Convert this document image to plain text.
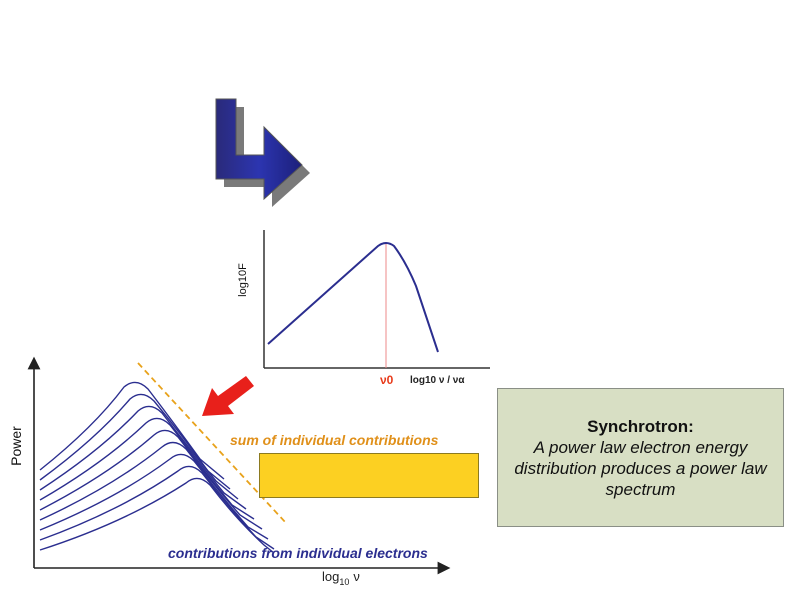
log10F
ν0 log10 ν / να
sum of individual contributions
contributions from individual electrons
$\log_{10} \nu$
Power
Synchrotron:
A power law electron energy distribution produces a power law spectrum
